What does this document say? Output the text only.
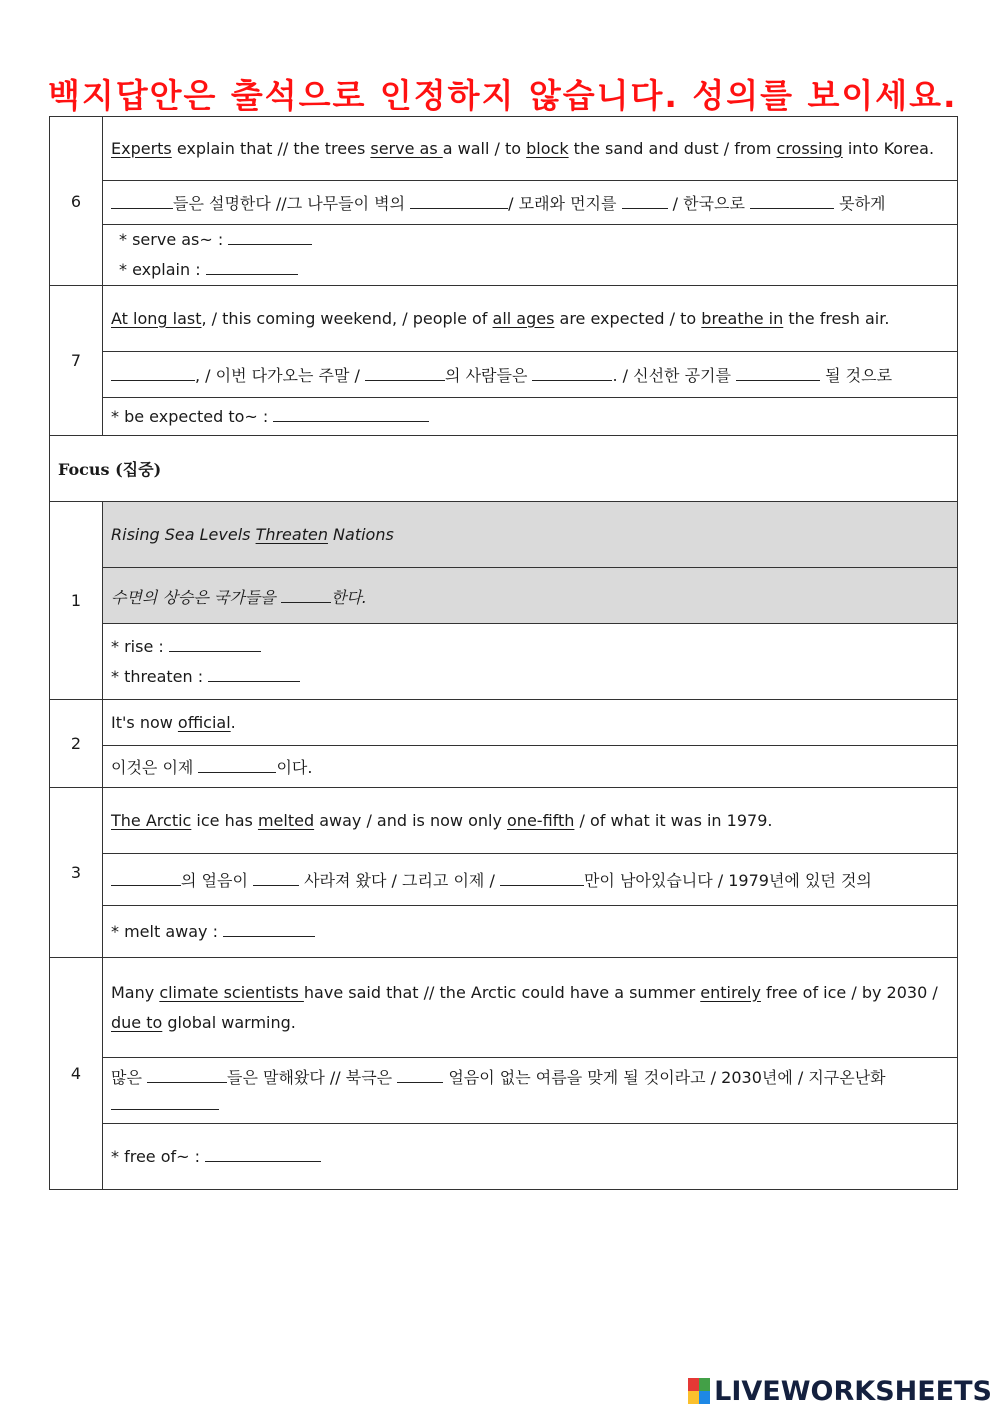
백지답안은 출석으로 인정하지 않습니다. 성의를 보이세요.
6	Experts explain that // the trees serve as a wall / to block the sand and dust / from crossing into Korea.
	들은 설명한다 //그 나무들이 벽의 / 모래와 먼지를 / 한국으로 못하게

	* serve as~ :
* explain :

7	At long last, / this coming weekend, / people of all ages are expected / to breathe in the fresh air.
	, / 이번 다가오는 주말 / 의 사람들은 . / 신선한 공기를 될 것으로
	* be expected to~ :
Focus (집중)	
1	Rising Sea Levels Threaten Nations
	수면의 상승은 국가들을 한다.

	* rise :
* threaten :

2	It's now official.
	이것은 이제 이다.
3	The Arctic ice has melted away / and is now only one-fifth / of what it was in 1979.
	의 얼음이 사라져 왔다 / 그리고 이제 / 만이 남아있습니다 / 1979년에 있던 것의
	* melt away :
4	Many climate scientists have said that // the Arctic could have a summer entirely free of ice / by 2030 / due to global warming.
	많은 들은 말해왔다 // 북극은 얼음이 없는 여름을 맞게 될 것이라고 / 2030년에 / 지구온난화
	* free of~ :
LIVEWORKSHEETS
